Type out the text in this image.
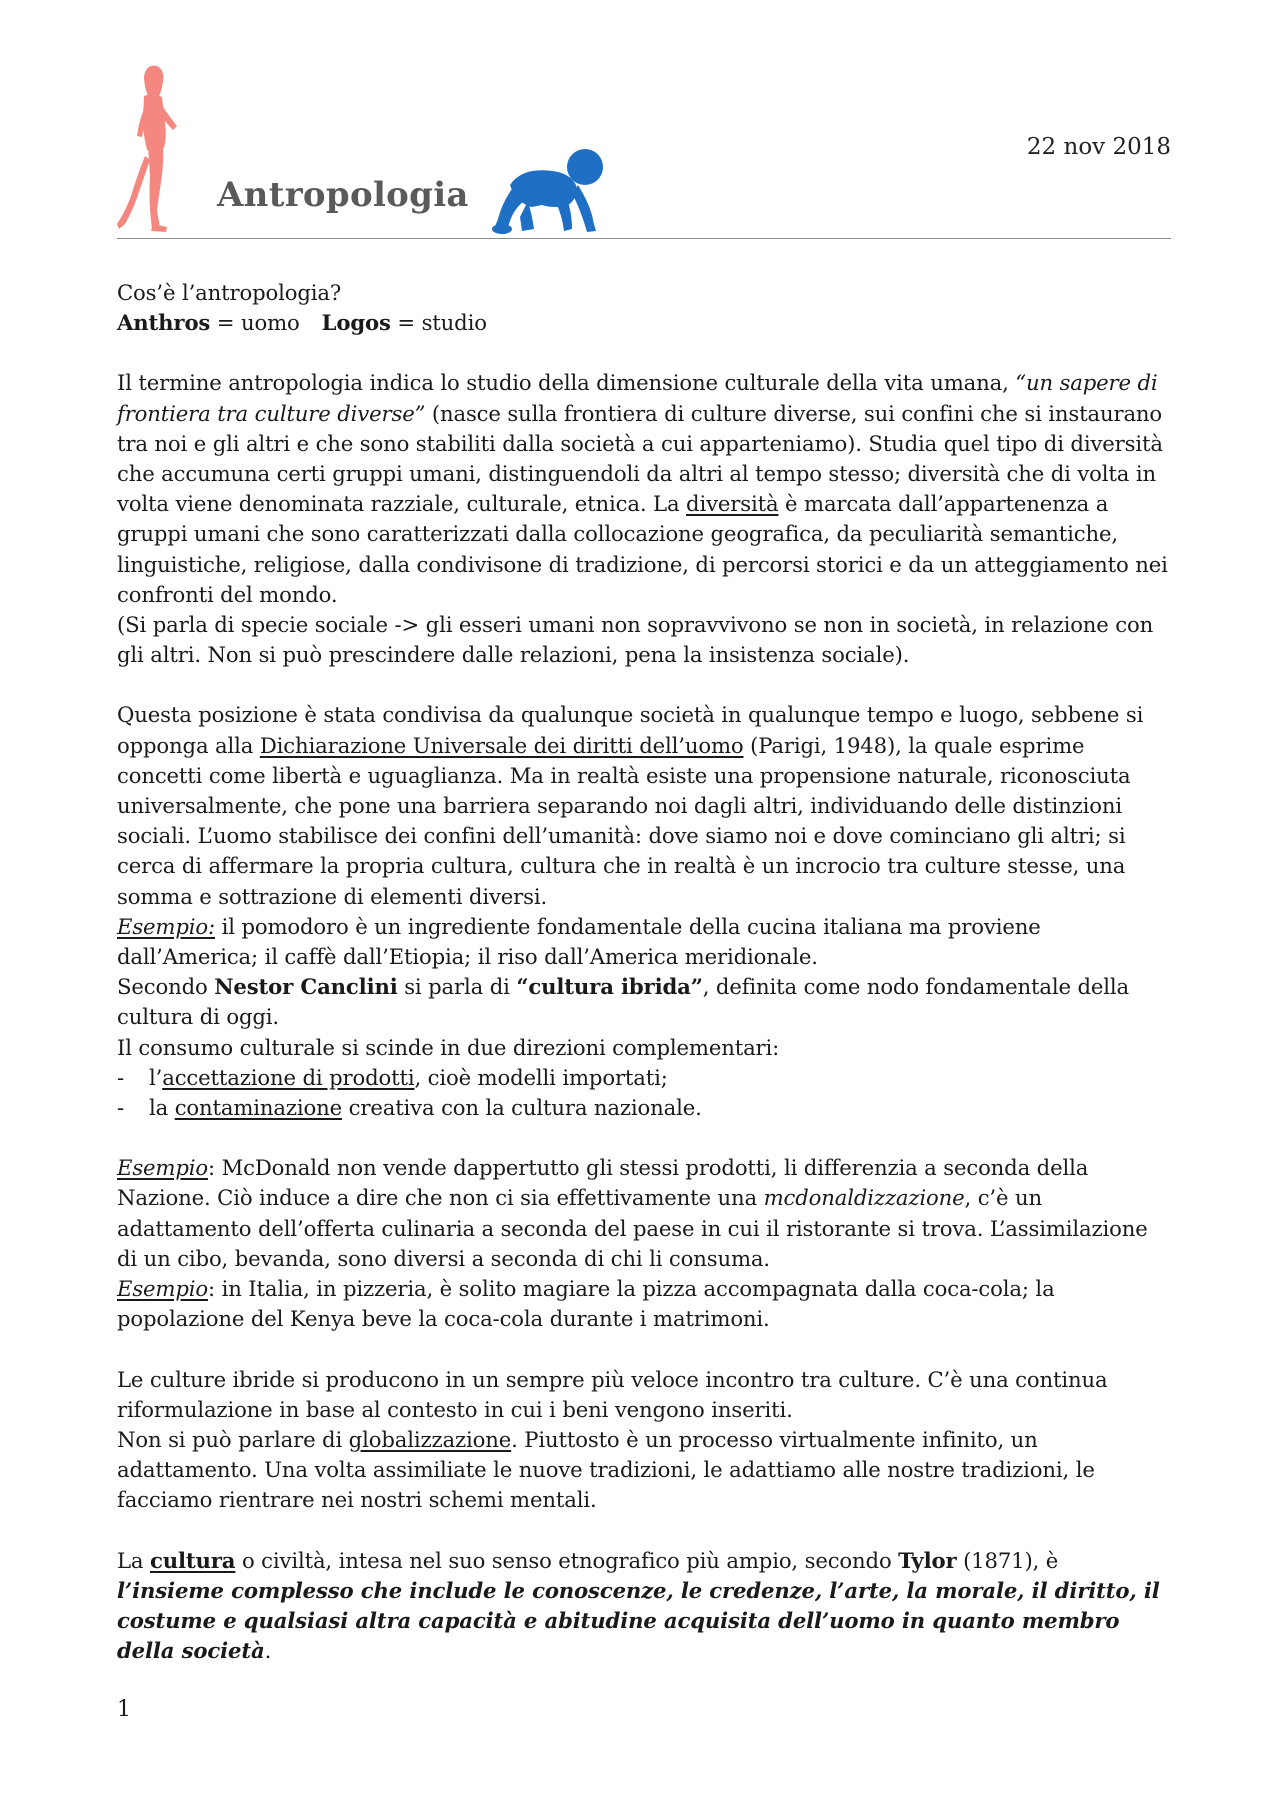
Antropologia
22 nov 2018

Cos’è l’antropologia?

Anthros = uomo Logos = studio

Il termine antropologia indica lo studio della dimensione culturale della vita umana, “un sapere di frontiera tra culture diverse” (nasce sulla frontiera di culture diverse, sui confini che si instaurano tra noi e gli altri e che sono stabiliti dalla società a cui apparteniamo). Studia quel tipo di diversità che accumuna certi gruppi umani, distinguendoli da altri al tempo stesso; diversità che di volta in volta viene denominata razziale, culturale, etnica. La diversità è marcata dall’appartenenza a gruppi umani che sono caratterizzati dalla collocazione geografica, da peculiarità semantiche, linguistiche, religiose, dalla condivisone di tradizione, di percorsi storici e da un atteggiamento nei confronti del mondo.

(Si parla di specie sociale -> gli esseri umani non sopravvivono se non in società, in relazione con gli altri. Non si può prescindere dalle relazioni, pena la insistenza sociale).

Questa posizione è stata condivisa da qualunque società in qualunque tempo e luogo, sebbene si opponga alla Dichiarazione Universale dei diritti dell’uomo (Parigi, 1948), la quale esprime concetti come libertà e uguaglianza. Ma in realtà esiste una propensione naturale, riconosciuta universalmente, che pone una barriera separando noi dagli altri, individuando delle distinzioni sociali. L’uomo stabilisce dei confini dell’umanità: dove siamo noi e dove cominciano gli altri; si cerca di affermare la propria cultura, cultura che in realtà è un incrocio tra culture stesse, una somma e sottrazione di elementi diversi.

Esempio: il pomodoro è un ingrediente fondamentale della cucina italiana ma proviene

dall’America; il caffè dall’Etiopia; il riso dall’America meridionale.

Secondo Nestor Canclini si parla di “cultura ibrida”, definita come nodo fondamentale della cultura di oggi.

Il consumo culturale si scinde in due direzioni complementari:

- l’accettazione di prodotti, cioè modelli importati;

- la contaminazione creativa con la cultura nazionale.

Esempio: McDonald non vende dappertutto gli stessi prodotti, li differenzia a seconda della Nazione. Ciò induce a dire che non ci sia effettivamente una mcdonaldizzazione, c’è un adattamento dell’offerta culinaria a seconda del paese in cui il ristorante si trova. L’assimilazione di un cibo, bevanda, sono diversi a seconda di chi li consuma.

Esempio: in Italia, in pizzeria, è solito magiare la pizza accompagnata dalla coca-cola; la popolazione del Kenya beve la coca-cola durante i matrimoni.

Le culture ibride si producono in un sempre più veloce incontro tra culture. C’è una continua riformulazione in base al contesto in cui i beni vengono inseriti.

Non si può parlare di globalizzazione. Piuttosto è un processo virtualmente infinito, un adattamento. Una volta assimiliate le nuove tradizioni, le adattiamo alle nostre tradizioni, le facciamo rientrare nei nostri schemi mentali.

La cultura o civiltà, intesa nel suo senso etnografico più ampio, secondo Tylor (1871), è l’insieme complesso che include le conoscenze, le credenze, l’arte, la morale, il diritto, il costume e qualsiasi altra capacità e abitudine acquisita dell’uomo in quanto membro della società.

1
